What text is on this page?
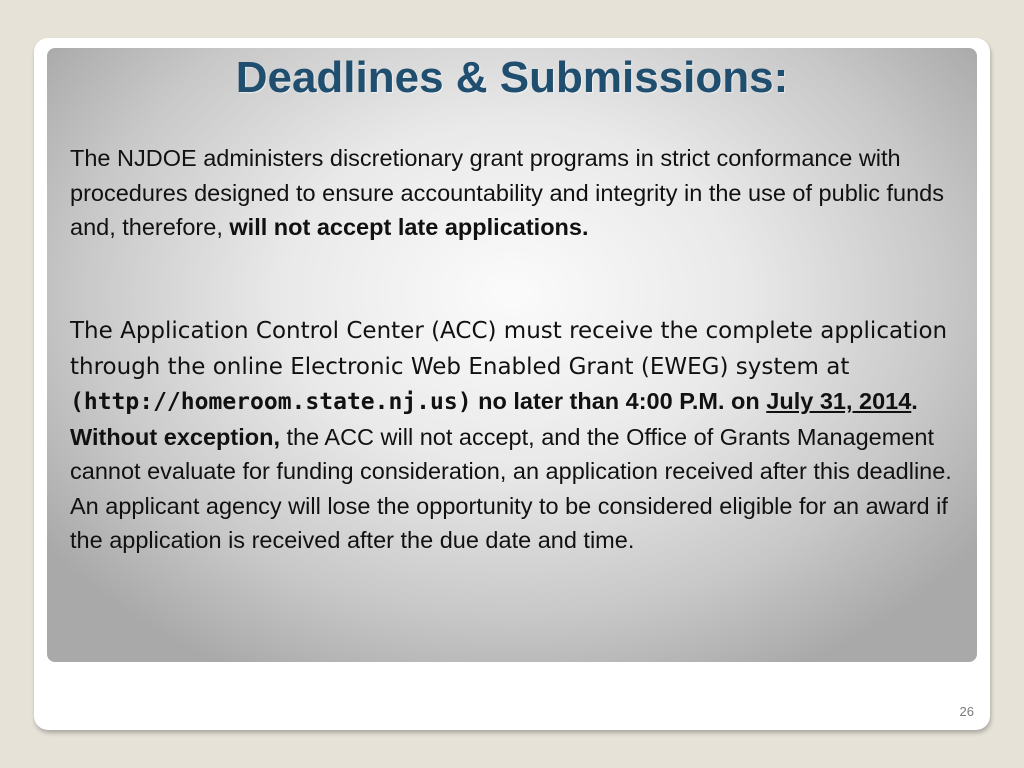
Deadlines & Submissions:

The NJDOE administers discretionary grant programs in strict conformance with procedures designed to ensure accountability and integrity in the use of public funds and, therefore, will not accept late applications.

The Application Control Center (ACC) must receive the complete application through the online Electronic Web Enabled Grant (EWEG) system at (http://homeroom.state.nj.us) no later than 4:00 P.M. on July 31, 2014. Without exception, the ACC will not accept, and the Office of Grants Management cannot evaluate for funding consideration, an application received after this deadline. An applicant agency will lose the opportunity to be considered eligible for an award if the application is received after the due date and time.

26
